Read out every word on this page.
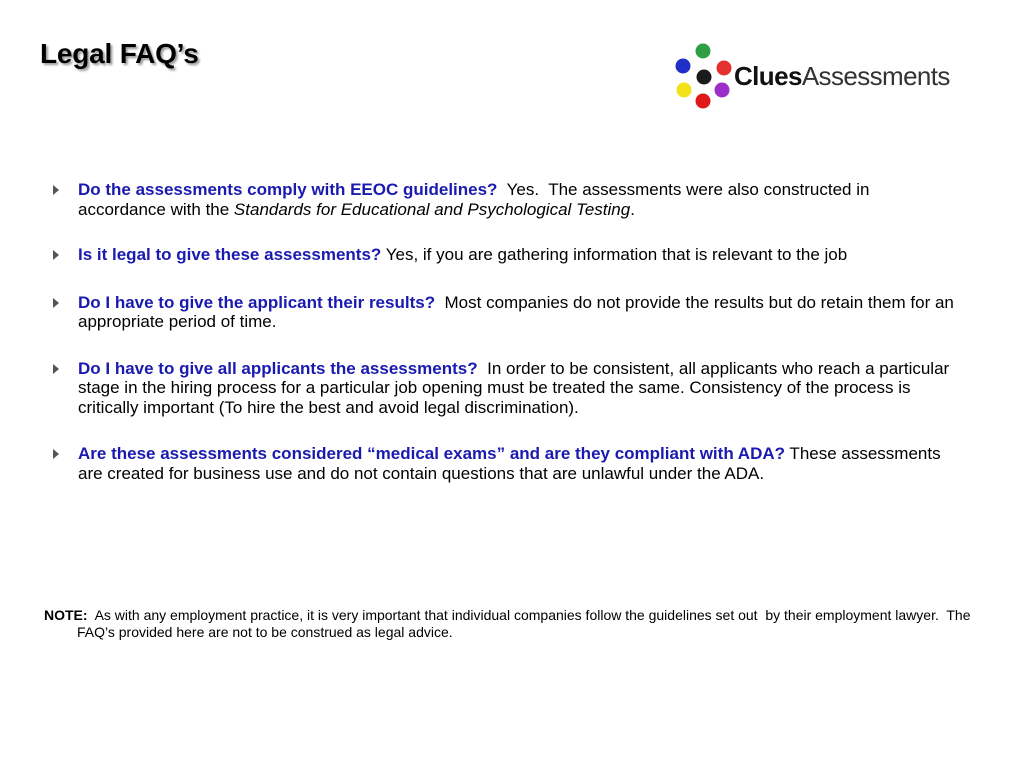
Legal FAQ’s
CluesAssessments
Do the assessments comply with EEOC guidelines?  Yes.  The assessments were also constructed in accordance with the Standards for Educational and Psychological Testing.
Is it legal to give these assessments? Yes, if you are gathering information that is relevant to the job
Do I have to give the applicant their results?  Most companies do not provide the results but do retain them for an appropriate period of time.
Do I have to give all applicants the assessments?  In order to be consistent, all applicants who reach a particular stage in the hiring process for a particular job opening must be treated the same. Consistency of the process is critically important (To hire the best and avoid legal discrimination).
Are these assessments considered “medical exams” and are they compliant with ADA? These assessments are created for business use and do not contain questions that are unlawful under the ADA.
NOTE:  As with any employment practice, it is very important that individual companies follow the guidelines set out  by their employment lawyer.  The FAQ’s provided here are not to be construed as legal advice.
